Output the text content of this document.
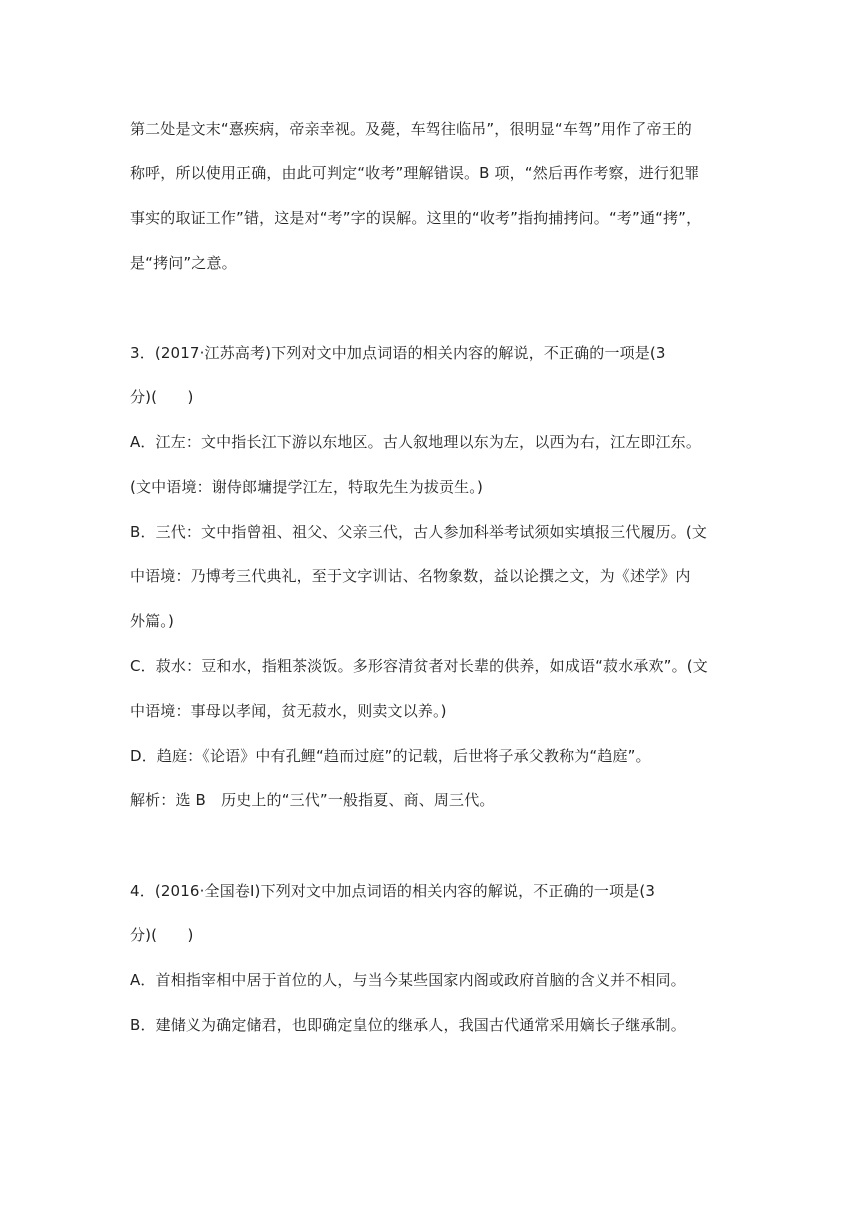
第二处是文末“憙疾病，帝亲幸视。及薨，车驾往临吊”，很明显“车驾”用作了帝王的
称呼，所以使用正确，由此可判定“收考”理解错误。B 项，“然后再作考察，进行犯罪
事实的取证工作”错，这是对“考”字的误解。这里的“收考”指拘捕拷问。“考”通“拷”，
是“拷问”之意。
3．(2017·江苏高考)下列对文中加点词语的相关内容的解说，不正确的一项是(3
分)(　　)
A．江左：文中指长江下游以东地区。古人叙地理以东为左，以西为右，江左即江东。
(文中语境：谢侍郎墉提学江左，特取先生为拔贡生。)
B．三代：文中指曾祖、祖父、父亲三代，古人参加科举考试须如实填报三代履历。(文
中语境：乃博考三代典礼，至于文字训诂、名物象数，益以论撰之文，为《述学》内
外篇。)
C．菽水：豆和水，指粗茶淡饭。多形容清贫者对长辈的供养，如成语“菽水承欢”。(文
中语境：事母以孝闻，贫无菽水，则卖文以养。)
D．趋庭：《论语》中有孔鲤“趋而过庭”的记载，后世将子承父教称为“趋庭”。
解析：选 B　历史上的“三代”一般指夏、商、周三代。
4．(2016·全国卷Ⅰ)下列对文中加点词语的相关内容的解说，不正确的一项是(3
分)(　　)
A．首相指宰相中居于首位的人，与当今某些国家内阁或政府首脑的含义并不相同。
B．建储义为确定储君，也即确定皇位的继承人，我国古代通常采用嫡长子继承制。
